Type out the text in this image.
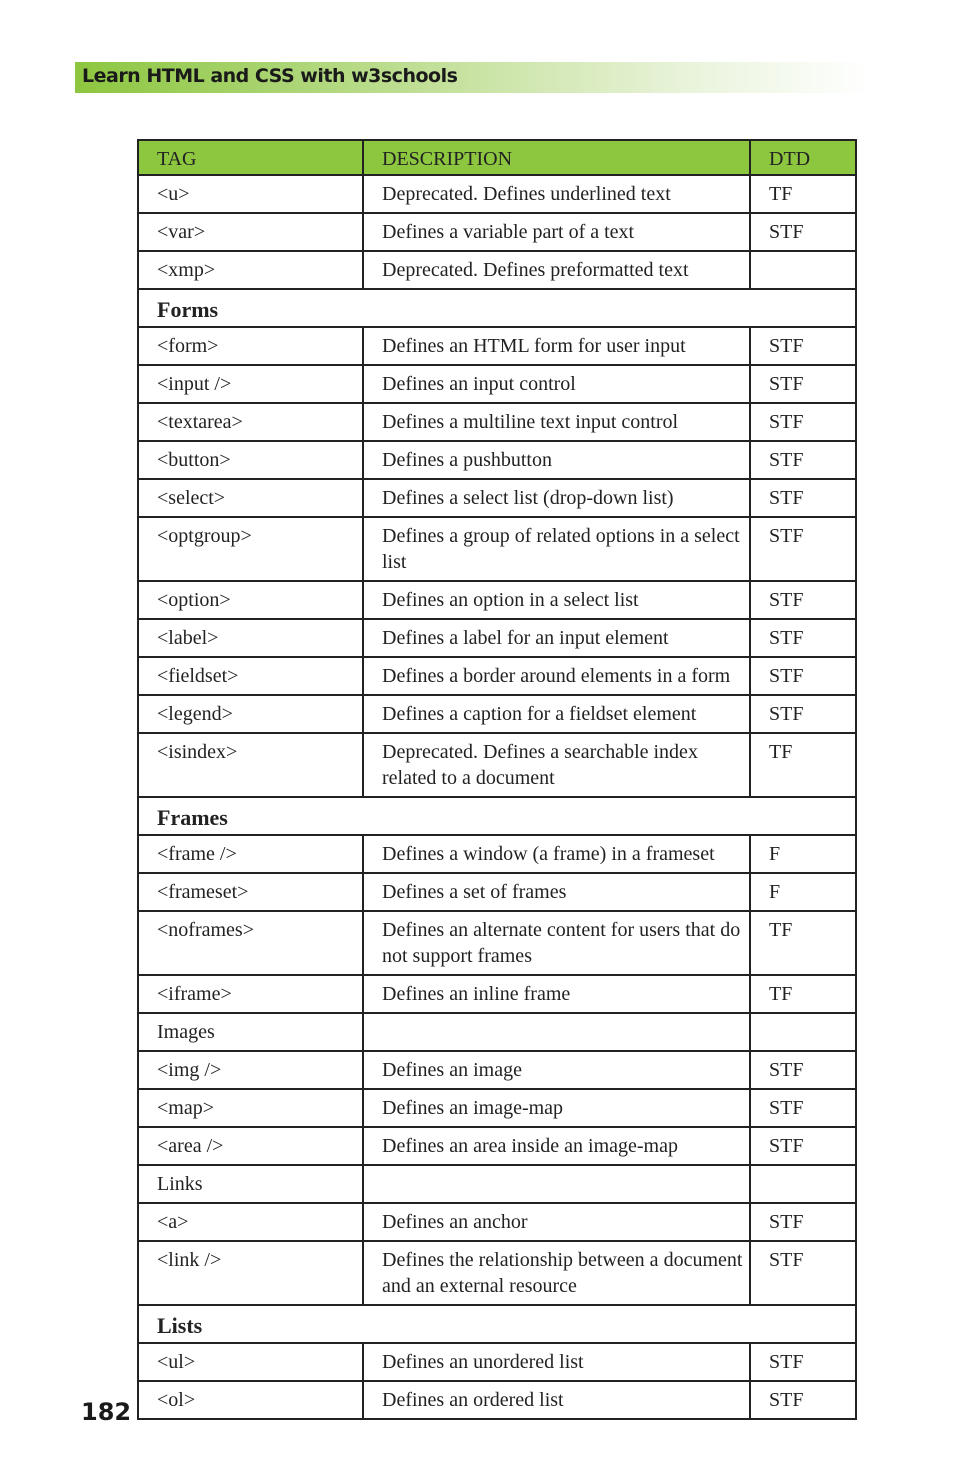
Learn HTML and CSS with w3schools
TAG	DESCRIPTION	DTD
<u>	Deprecated. Defines underlined text	TF
<var>	Defines a variable part of a text	STF
<xmp>	Deprecated. Defines preformatted text	
Forms		
<form>	Defines an HTML form for user input	STF
<input />	Defines an input control	STF
<textarea>	Defines a multiline text input control	STF
<button>	Defines a pushbutton	STF
<select>	Defines a select list (drop-down list)	STF
<optgroup>	Defines a group of related options in a select list	STF
<option>	Defines an option in a select list	STF
<label>	Defines a label for an input element	STF
<fieldset>	Defines a border around elements in a form	STF
<legend>	Defines a caption for a fieldset element	STF
<isindex>	Deprecated. Defines a searchable index related to a document	TF
Frames		
<frame />	Defines a window (a frame) in a frameset	F
<frameset>	Defines a set of frames	F
<noframes>	Defines an alternate content for users that do not support frames	TF
<iframe>	Defines an inline frame	TF
Images		
<img />	Defines an image	STF
<map>	Defines an image-map	STF
<area />	Defines an area inside an image-map	STF
Links		
<a>	Defines an anchor	STF
<link />	Defines the relationship between a document and an external resource	STF
Lists		
<ul>	Defines an unordered list	STF
<ol>	Defines an ordered list	STF
182
